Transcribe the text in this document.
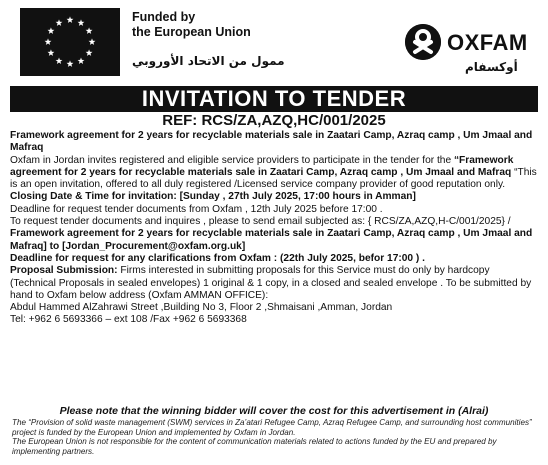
Funded by
the European Union
ممول من الاتحاد الأوروبي
OXFAM
أوكسفام
INVITATION TO TENDER
REF: RCS/ZA,AZQ,HC/001/2025

Framework agreement for 2 years for recyclable materials sale in Zaatari Camp, Azraq camp , Um Jmaal and Mafraq

Oxfam in Jordan invites registered and eligible service providers to participate in the tender for the “Framework agreement for 2 years for recyclable materials sale in Zaatari Camp, Azraq camp , Um Jmaal and Mafraq “This is an open invitation, offered to all duly registered /Licensed service company provider of good reputation only. Closing Date & Time for invitation: [Sunday , 27th July 2025, 17:00 hours in Amman]

Deadline for request tender documents from Oxfam , 12th July 2025 before 17:00 .

To request tender documents and inquires , please to send email subjected as: { RCS/ZA,AZQ,H-C/001/2025} / Framework agreement for 2 years for recyclable materials sale in Zaatari Camp, Azraq camp , Um Jmaal and Mafraq] to [Jordan_Procurement@oxfam.org.uk]

Deadline for request for any clarifications from Oxfam : (22th July 2025, befor 17:00 ) .

Proposal Submission: Firms interested in submitting proposals for this Service must do only by hardcopy (Technical Proposals in sealed envelopes) 1 original & 1 copy, in a closed and sealed envelope . To be submitted by hand to Oxfam below address (Oxfam AMMAN OFFICE):

Abdul Hammed AlZahrawi Street ,Building No 3, Floor 2 ,Shmaisani ,Amman, Jordan

Tel: +962 6 5693366 – ext 108 /Fax +962 6 5693368

Please note that the winning bidder will cover the cost for this advertisement in (Alrai)

The “Provision of solid waste management (SWM) services in Za’atari Refugee Camp, Azraq Refugee Camp, and surrounding host communities” project is funded by the European Union and implemented by Oxfam in Jordan.

The European Union is not responsible for the content of communication materials related to actions funded by the EU and prepared by implementing partners.
